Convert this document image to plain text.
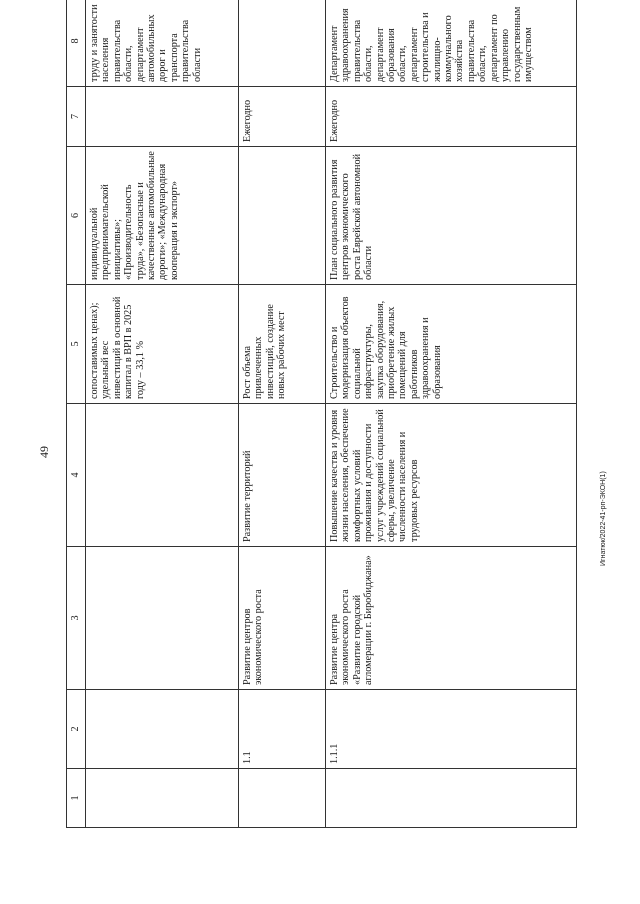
49
1	2	3	4	5	6	7	8
				сопоставимых ценах); удельный вес инвестиций в основной капитал в ВРП в 2025 году – 33,1 %	индивидуальной предпринимательской инициативы»; «Производительность труда», «Безопасные и качественные автомобильные дороги»; «Международная кооперация и экспорт»		труду и занятости населения правительства области, департамент автомобильных дорог и транспорта правительства области
	1.1	Развитие центров экономического роста	Развитие территорий	Рост объема привлеченных инвестиций, создание новых рабочих мест		Ежегодно	
	1.1.1	Развитие центра экономического роста «Развитие городской агломерации г. Биробиджана»	Повышение качества и уровня жизни населения, обеспечение комфортных условий проживания и доступности услуг учреждений социальной сферы, увеличение численности населения и трудовых ресурсов	Строительство и модернизация объектов социальной инфраструктуры, закупка оборудования, приобретение жилых помещений для работников здравоохранения и образования	План социального развития центров экономического роста Еврейской автономной области	Ежегодно	Департамент здравоохранения правительства области, департамент образования области, департамент строительства и жилищно-коммунального хозяйства правительства области, департамент по управлению государственным имуществом
Игнатюк/2022-41-рп-ЭКОН(1)
